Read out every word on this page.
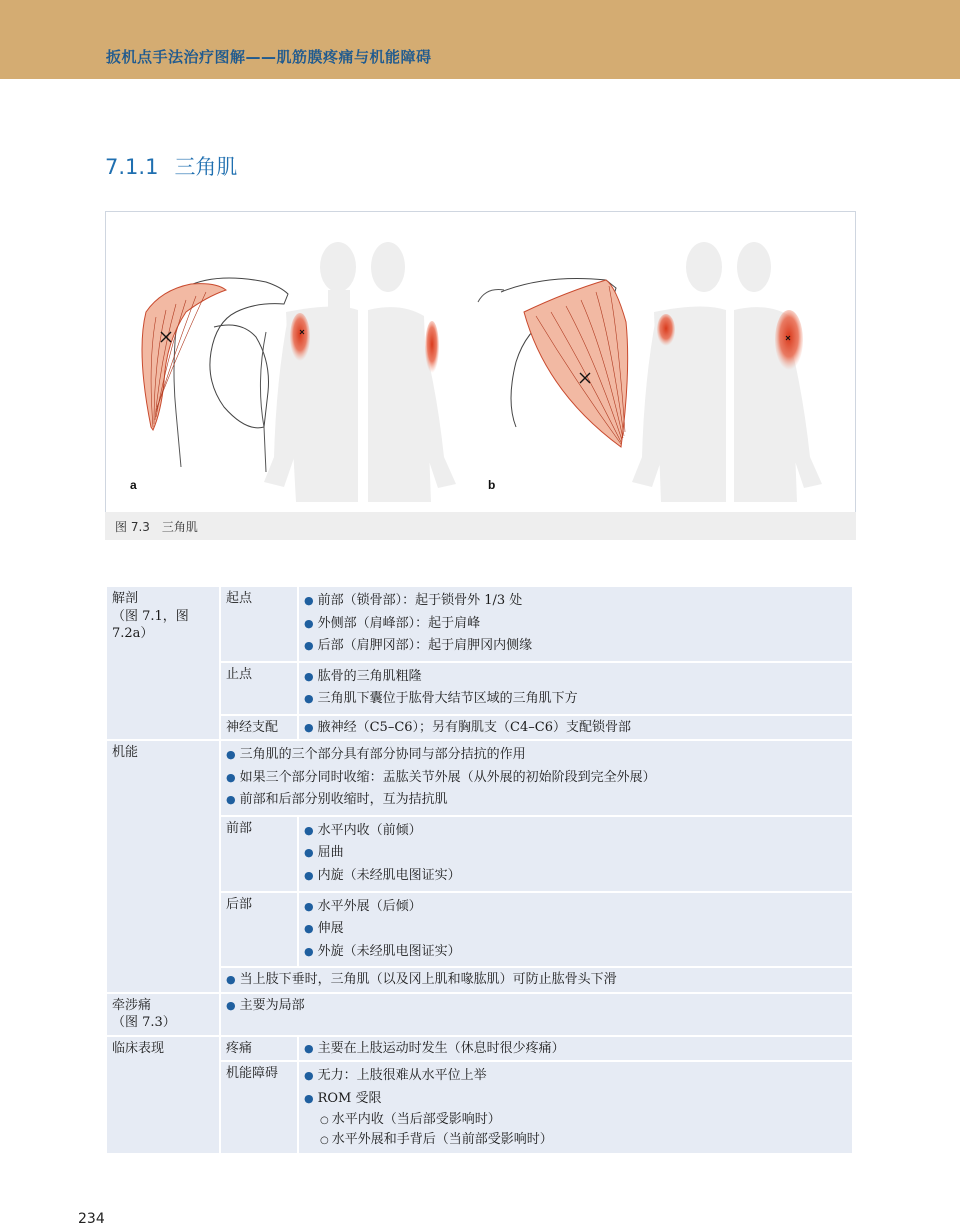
扳机点手法治疗图解——肌筋膜疼痛与机能障碍
7.1.1 三角肌
a	b
图 7.3　三角肌
解剖
（图 7.1，图 7.2a）	起点	● 前部（锁骨部）：起于锁骨外 1/3 处
● 外侧部（肩峰部）：起于肩峰
● 后部（肩胛冈部）：起于肩胛冈内侧缘

	止点	● 肱骨的三角肌粗隆
● 三角肌下囊位于肱骨大结节区域的三角肌下方

	神经支配	● 腋神经（C5–C6）；另有胸肌支（C4–C6）支配锁骨部

机能	● 三角肌的三个部分具有部分协同与部分拮抗的作用
● 如果三个部分同时收缩：盂肱关节外展（从外展的初始阶段到完全外展）
● 前部和后部分别收缩时，互为拮抗肌	

	前部	● 水平内收（前倾）
● 屈曲
● 内旋（未经肌电图证实）

	后部	● 水平外展（后倾）
● 伸展
● 外旋（未经肌电图证实）

	● 当上肢下垂时，三角肌（以及冈上肌和喙肱肌）可防止肱骨头下滑	

牵涉痛
（图 7.3）	● 主要为局部	

临床表现	疼痛	● 主要在上肢运动时发生（休息时很少疼痛）

	机能障碍	● 无力：上肢很难从水平位上举
● ROM 受限
○ 水平内收（当后部受影响时）
○ 水平外展和手背后（当前部受影响时）
234
